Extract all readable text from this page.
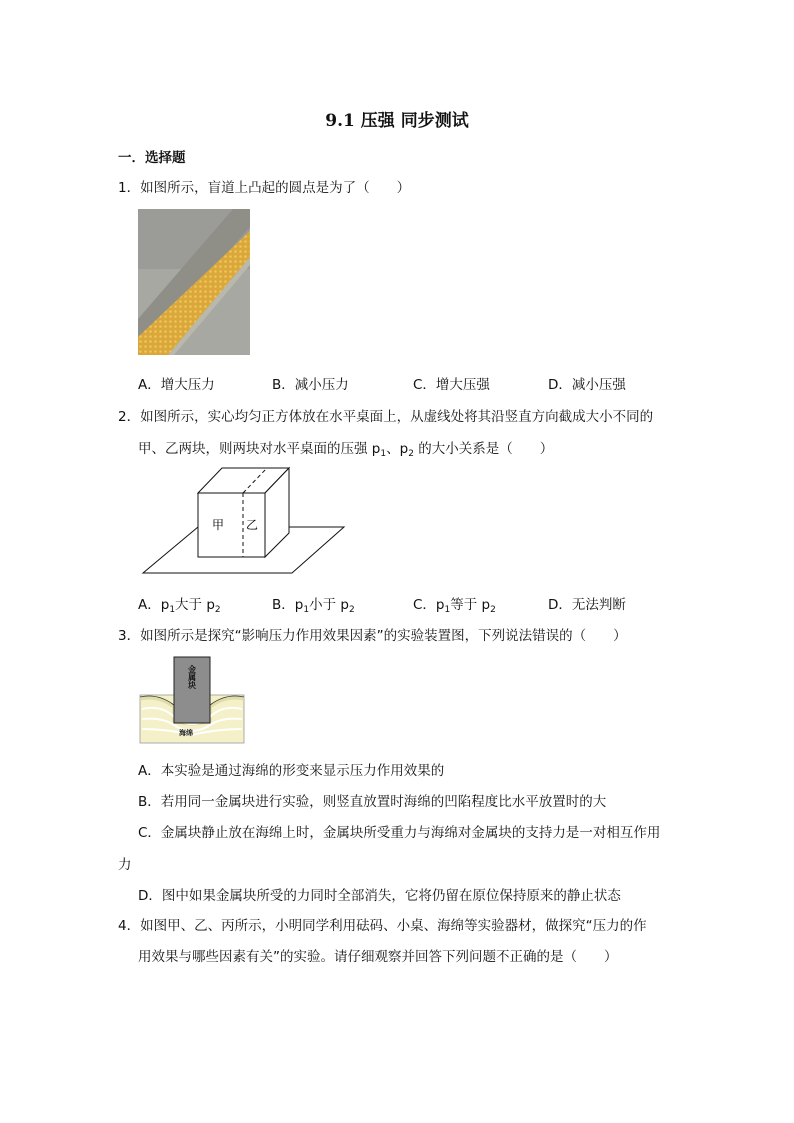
9.1 压强 同步测试
一．选择题
1．如图所示，盲道上凸起的圆点是为了（　　）
A．增大压力	B．减小压力	C．增大压强	D．减小压强
2．如图所示，实心均匀正方体放在水平桌面上，从虚线处将其沿竖直方向截成大小不同的
甲、乙两块，则两块对水平桌面的压强 $p_1$、$p_2$ 的大小关系是（　　）
甲 乙
A．$p_1$大于 $p_2$	B．$p_1$小于 $p_2$	C．$p_1$等于 $p_2$	D．无法判断
3．如图所示是探究“影响压力作用效果因素”的实验装置图，下列说法错误的（　　）
金属块
海绵
A．本实验是通过海绵的形变来显示压力作用效果的
B．若用同一金属块进行实验，则竖直放置时海绵的凹陷程度比水平放置时的大
C．金属块静止放在海绵上时，金属块所受重力与海绵对金属块的支持力是一对相互作用
力
D．图中如果金属块所受的力同时全部消失，它将仍留在原位保持原来的静止状态
4．如图甲、乙、丙所示，小明同学利用砝码、小桌、海绵等实验器材，做探究“压力的作
用效果与哪些因素有关”的实验。请仔细观察并回答下列问题不正确的是（　　）
